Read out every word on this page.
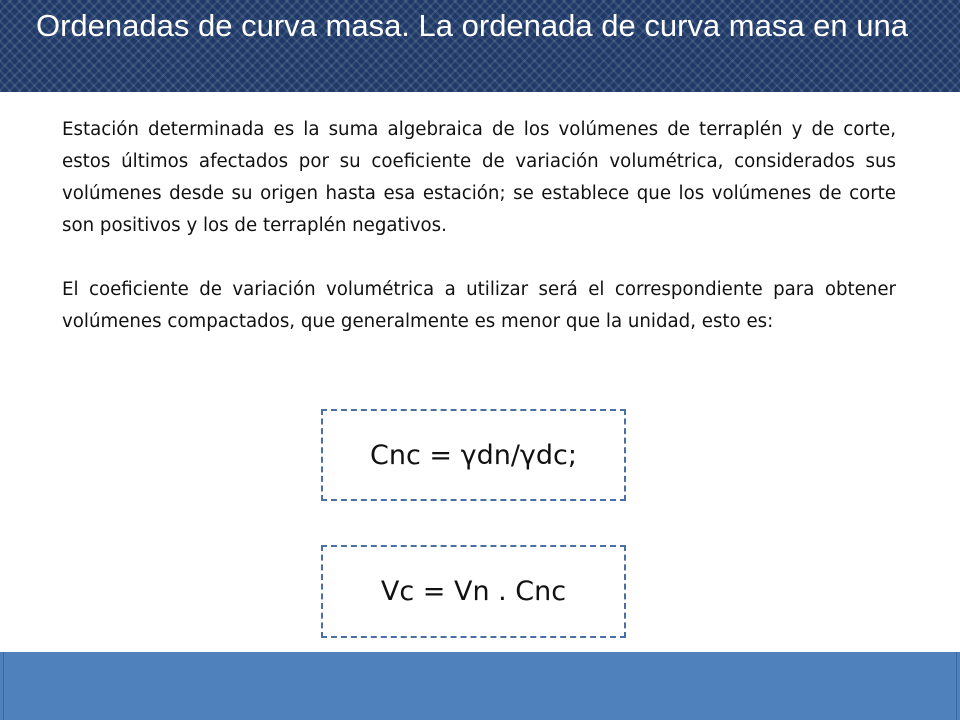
Ordenadas de curva masa. La ordenada de curva masa en una

Estación determinada es la suma algebraica de los volúmenes de terraplén y de corte, estos últimos afectados por su coeficiente de variación volumétrica, considerados sus volúmenes desde su origen hasta esa estación; se establece que los volúmenes de corte son positivos y los de terraplén negativos.

El coeficiente de variación volumétrica a utilizar será el correspondiente para obtener volúmenes compactados, que generalmente es menor que la unidad, esto es:

Cnc = γdn/γdc;
Vc = Vn . Cnc
